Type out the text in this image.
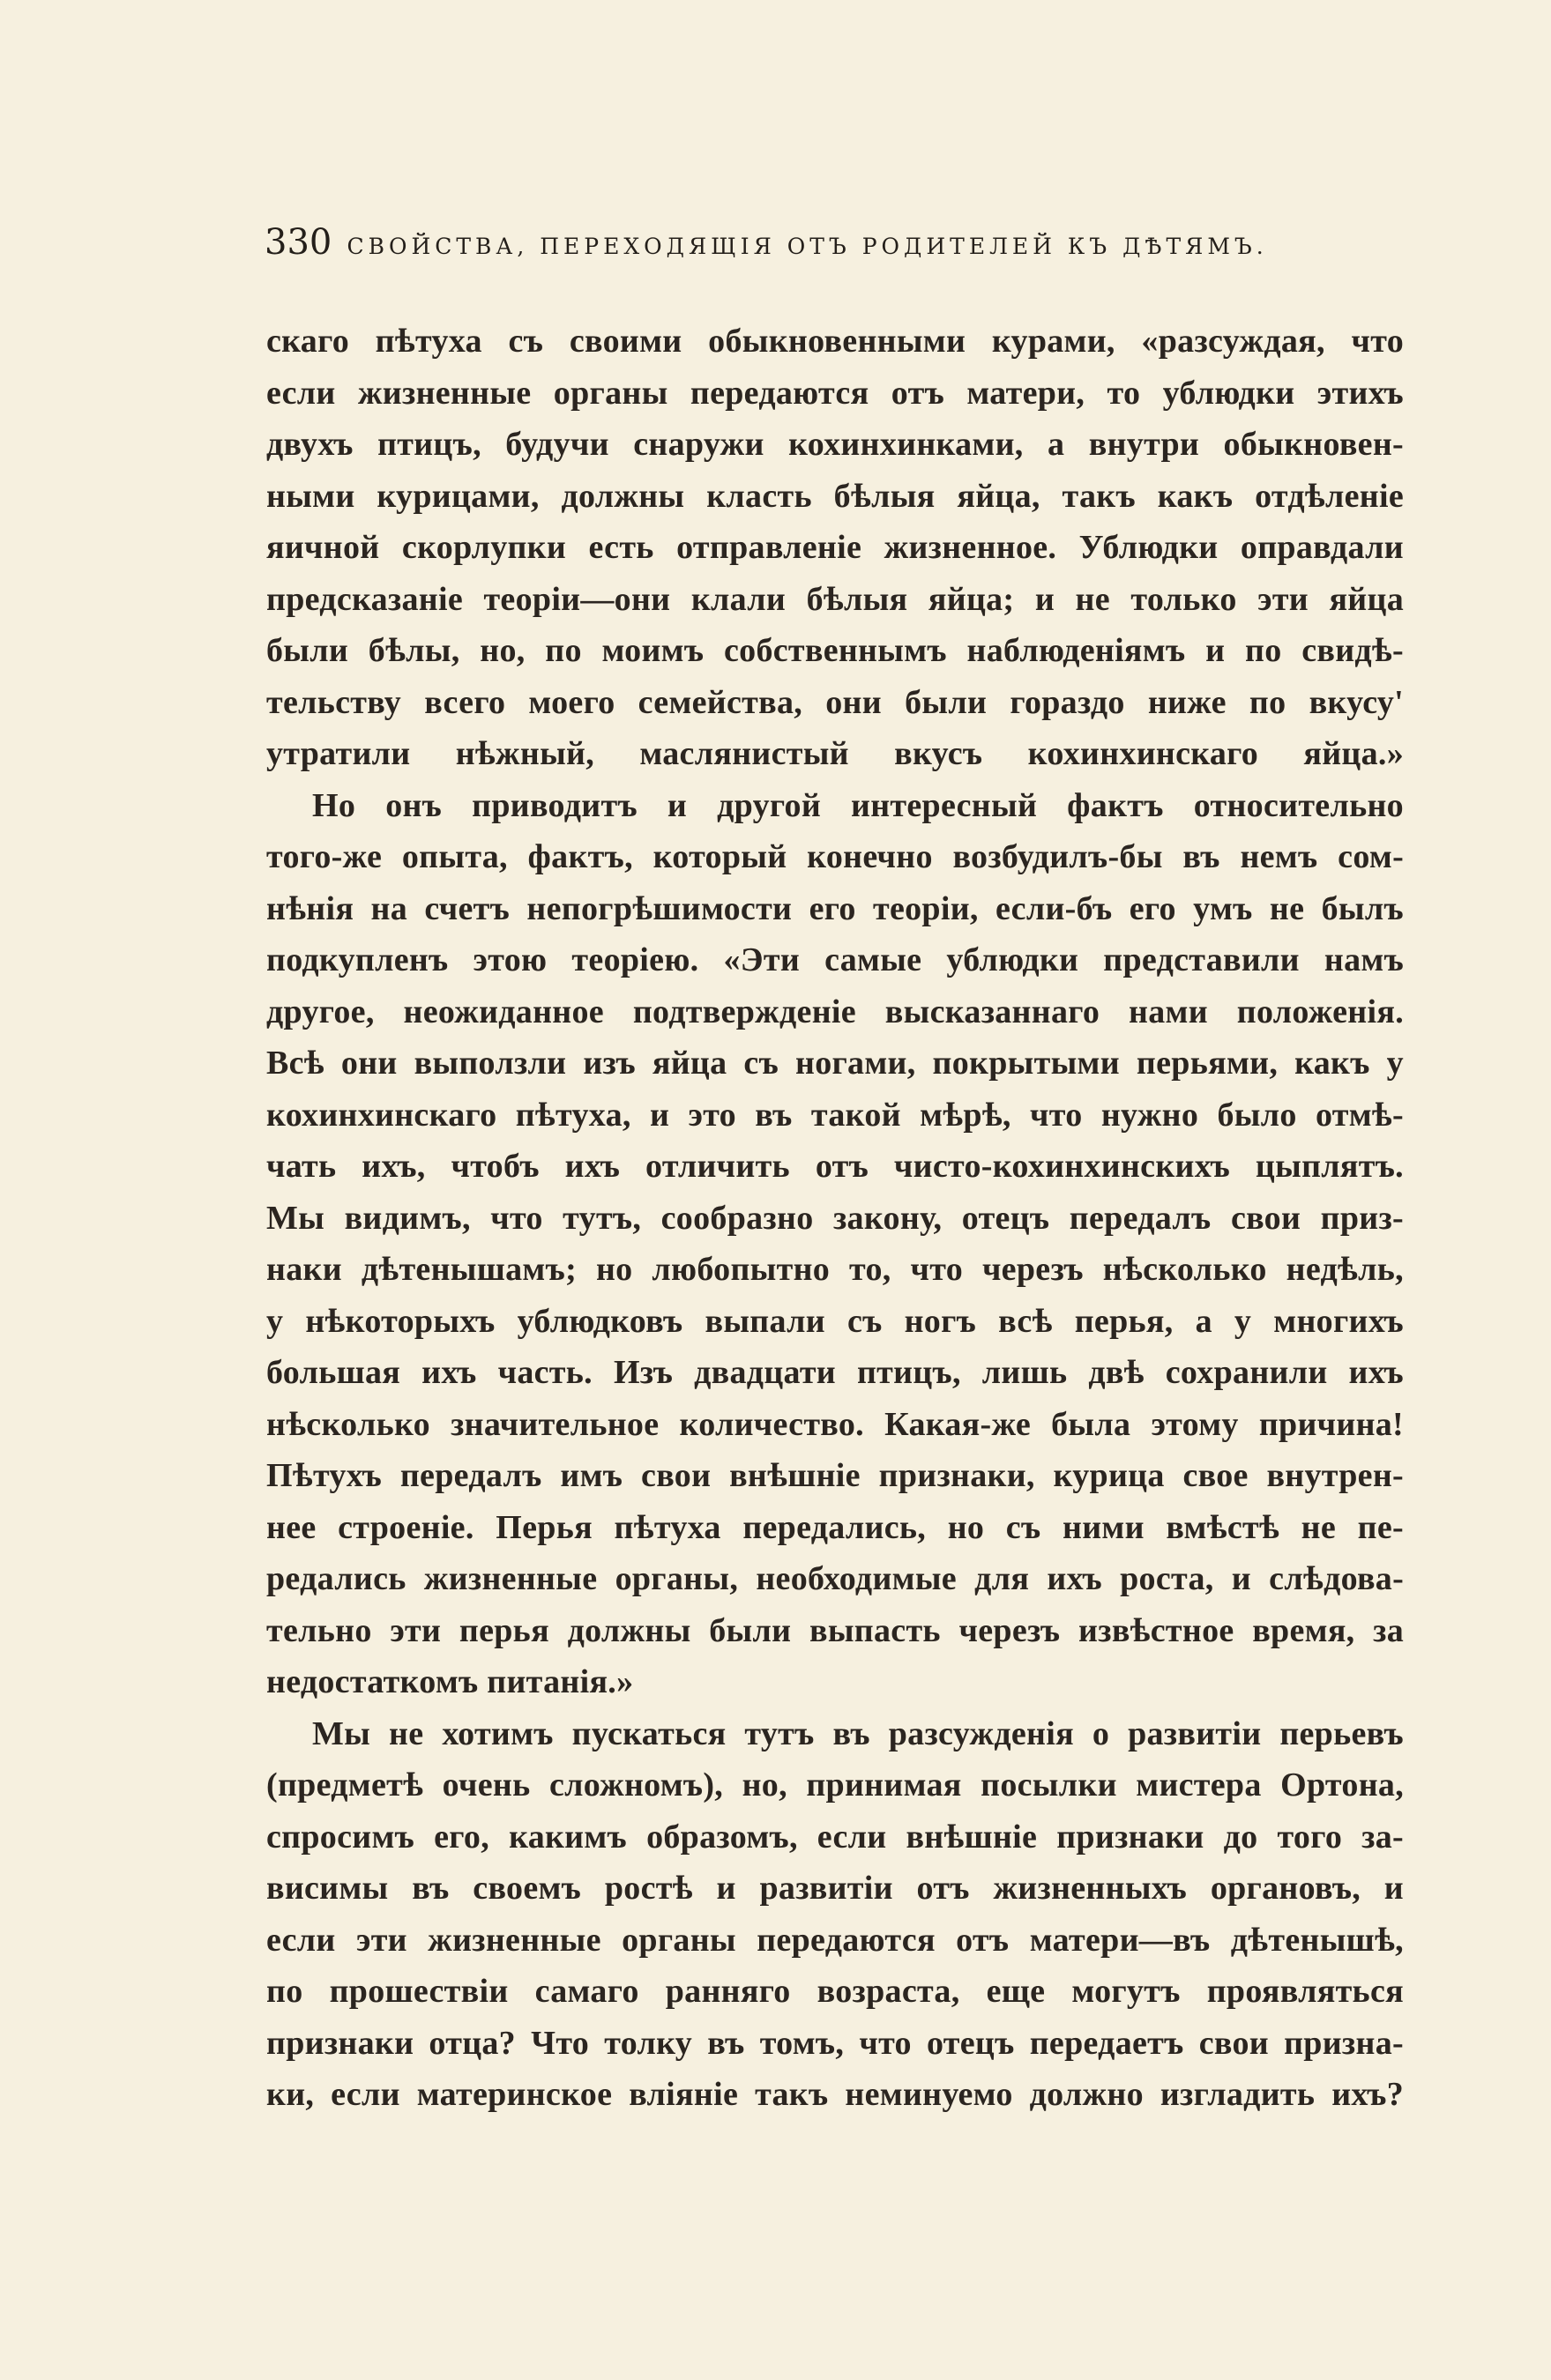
330 СВОЙСТВА, ПЕРЕХОДЯЩІЯ ОТЪ РОДИТЕЛЕЙ КЪ ДѢТЯМЪ.
скаго пѣтуха съ своими обыкновенными курами, «разсуждая, что
если жизненные органы передаются отъ матери, то ублюдки этихъ
двухъ птицъ, будучи снаружи кохинхинками, а внутри обыкновен-
ными курицами, должны класть бѣлыя яйца, такъ какъ отдѣленіе
яичной скорлупки есть отправленіе жизненное. Ублюдки оправдали
предсказаніе теоріи—они клали бѣлыя яйца; и не только эти яйца
были бѣлы, но, по моимъ собственнымъ наблюденіямъ и по свидѣ-
тельству всего моего семейства, они были гораздо ниже по вкусу'
утратили нѣжный, маслянистый вкусъ кохинхинскаго яйца.»
Но онъ приводитъ и другой интересный фактъ относительно
того-же опыта, фактъ, который конечно возбудилъ-бы въ немъ сом-
нѣнія на счетъ непогрѣшимости его теоріи, если-бъ его умъ не былъ
подкупленъ этою теоріею. «Эти самые ублюдки представили намъ
другое, неожиданное подтвержденіе высказаннаго нами положенія.
Всѣ они выползли изъ яйца съ ногами, покрытыми перьями, какъ у
кохинхинскаго пѣтуха, и это въ такой мѣрѣ, что нужно было отмѣ-
чать ихъ, чтобъ ихъ отличить отъ чисто-кохинхинскихъ цыплятъ.
Мы видимъ, что тутъ, сообразно закону, отецъ передалъ свои приз-
наки дѣтенышамъ; но любопытно то, что черезъ нѣсколько недѣль,
у нѣкоторыхъ ублюдковъ выпали съ ногъ всѣ перья, а у многихъ
большая ихъ часть. Изъ двадцати птицъ, лишь двѣ сохранили ихъ
нѣсколько значительное количество. Какая-же была этому причина!
Пѣтухъ передалъ имъ свои внѣшніе признаки, курица свое внутрен-
нее строеніе. Перья пѣтуха передались, но съ ними вмѣстѣ не пе-
редались жизненные органы, необходимые для ихъ роста, и слѣдова-
тельно эти перья должны были выпасть черезъ извѣстное время, за
недостаткомъ питанія.»
Мы не хотимъ пускаться тутъ въ разсужденія о развитіи перьевъ
(предметѣ очень сложномъ), но, принимая посылки мистера Ортона,
спросимъ его, какимъ образомъ, если внѣшніе признаки до того за-
висимы въ своемъ ростѣ и развитіи отъ жизненныхъ органовъ, и
если эти жизненные органы передаются отъ матери—въ дѣтенышѣ,
по прошествіи самаго ранняго возраста, еще могутъ проявляться
признаки отца? Что толку въ томъ, что отецъ передаетъ свои призна-
ки, если материнское вліяніе такъ неминуемо должно изгладить ихъ?
